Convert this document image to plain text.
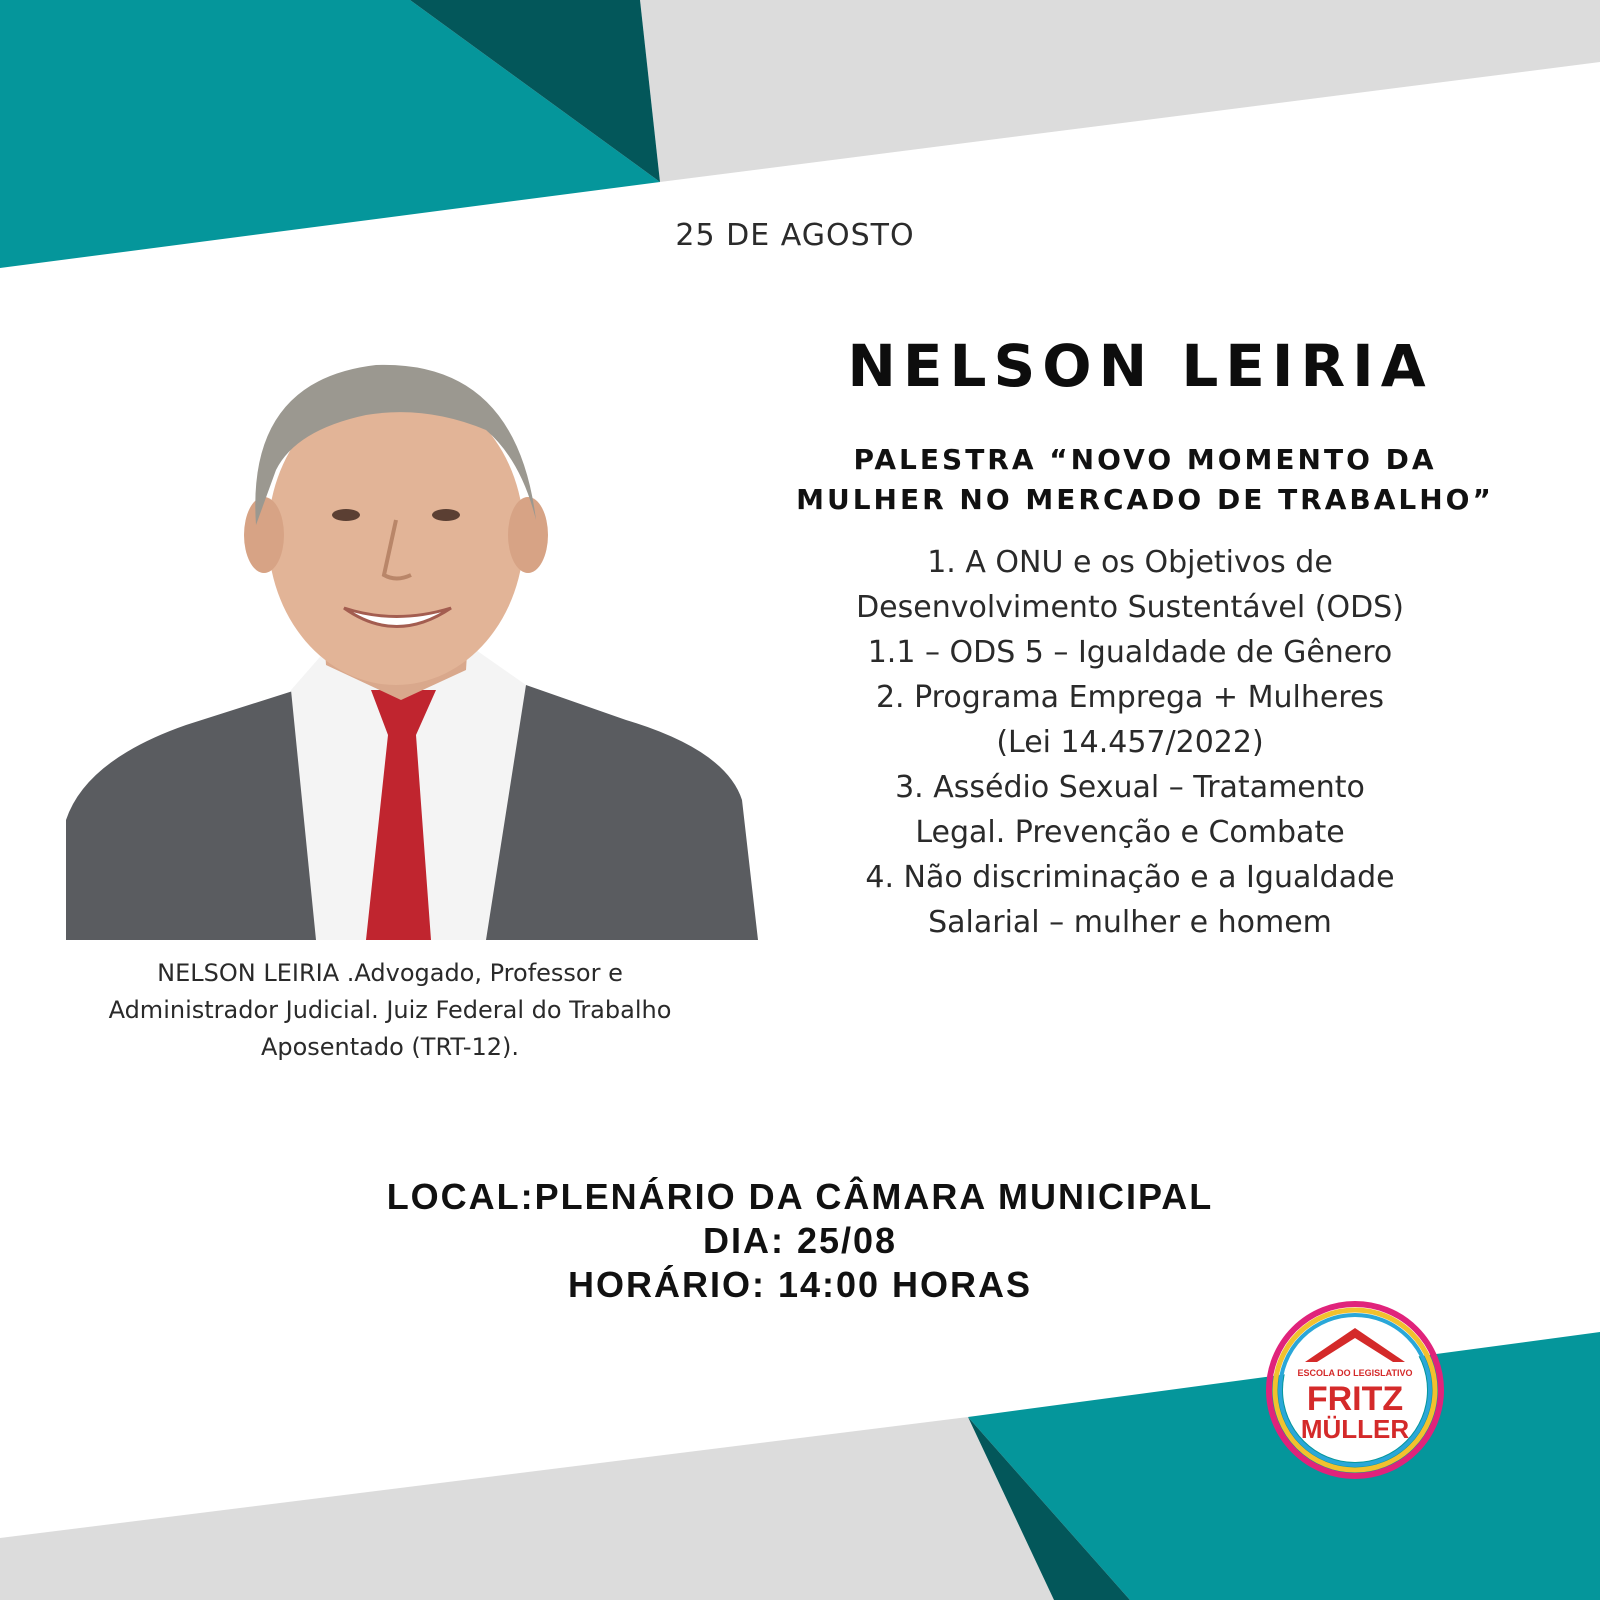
25 DE AGOSTO
NELSON LEIRIA .Advogado, Professor e
Administrador Judicial. Juiz Federal do Trabalho
Aposentado (TRT-12).
NELSON LEIRIA
PALESTRA “NOVO MOMENTO DA
MULHER NO MERCADO DE TRABALHO”
1. A ONU e os Objetivos de
Desenvolvimento Sustentável (ODS)
1.1 – ODS 5 – Igualdade de Gênero
2. Programa Emprega + Mulheres
(Lei 14.457/2022)
3. Assédio Sexual – Tratamento
Legal. Prevenção e Combate
4. Não discriminação e a Igualdade
Salarial – mulher e homem
LOCAL:PLENÁRIO DA CÂMARA MUNICIPAL
DIA: 25/08
HORÁRIO: 14:00 HORAS
ESCOLA DO LEGISLATIVO
FRITZ
MÜLLER
